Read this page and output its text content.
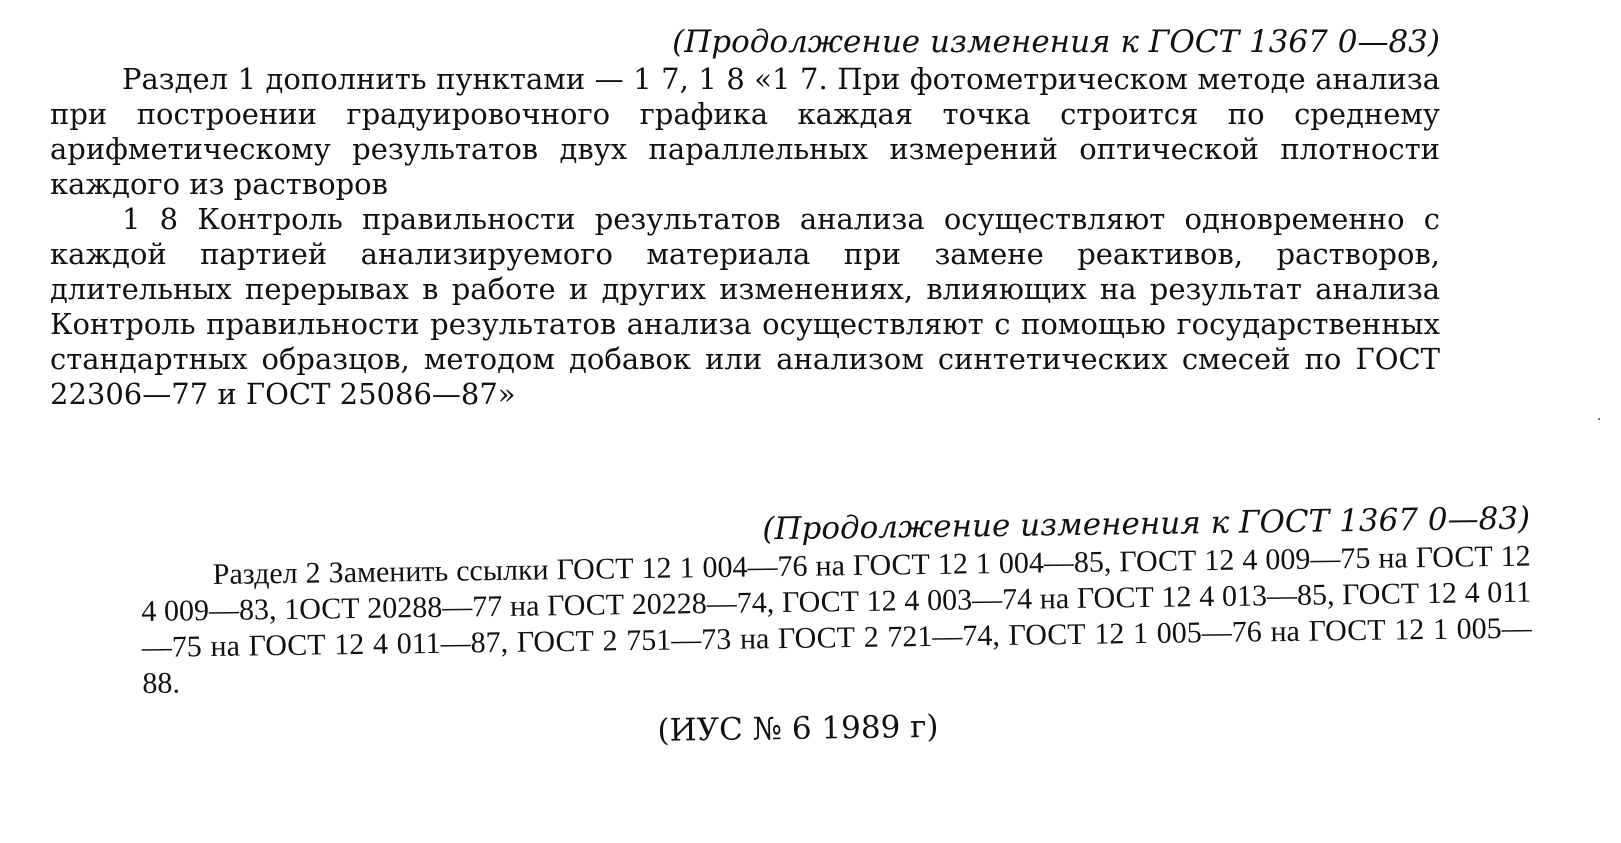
(Продолжение изменения к ГОСТ 1367 0—83)

Раздел 1 дополнить пунктами — 1 7, 1 8 «1 7. При фотометрическом методе анализа при построении градуировочного графика каждая точка строится по среднему арифметическому результатов двух параллельных измерений оптической плотности каждого из растворов

1 8 Контроль правильности результатов анализа осуществляют одновременно с каждой партией анализируемого материала при замене реактивов, растворов, длительных перерывах в работе и других изменениях, влияющих на результат анализа Контроль правильности результатов анализа осуществляют с помощью государственных стандартных образцов, методом добавок или анализом синтетических смесей по ГОСТ 22306—77 и ГОСТ 25086—87»

(Продолжение изменения к ГОСТ 1367 0—83)

Раздел 2 Заменить ссылки ГОСТ 12 1 004—76 на ГОСТ 12 1 004—85, ГОСТ 12 4 009—75 на ГОСТ 12 4 009—83, 1ОСТ 20288—77 на ГОСТ 20228—74, ГОСТ 12 4 003—74 на ГОСТ 12 4 013—85, ГОСТ 12 4 011—75 на ГОСТ 12 4 011—87, ГОСТ 2 751—73 на ГОСТ 2 721—74, ГОСТ 12 1 005—76 на ГОСТ 12 1 005—88.

(ИУС № 6 1989 г)
